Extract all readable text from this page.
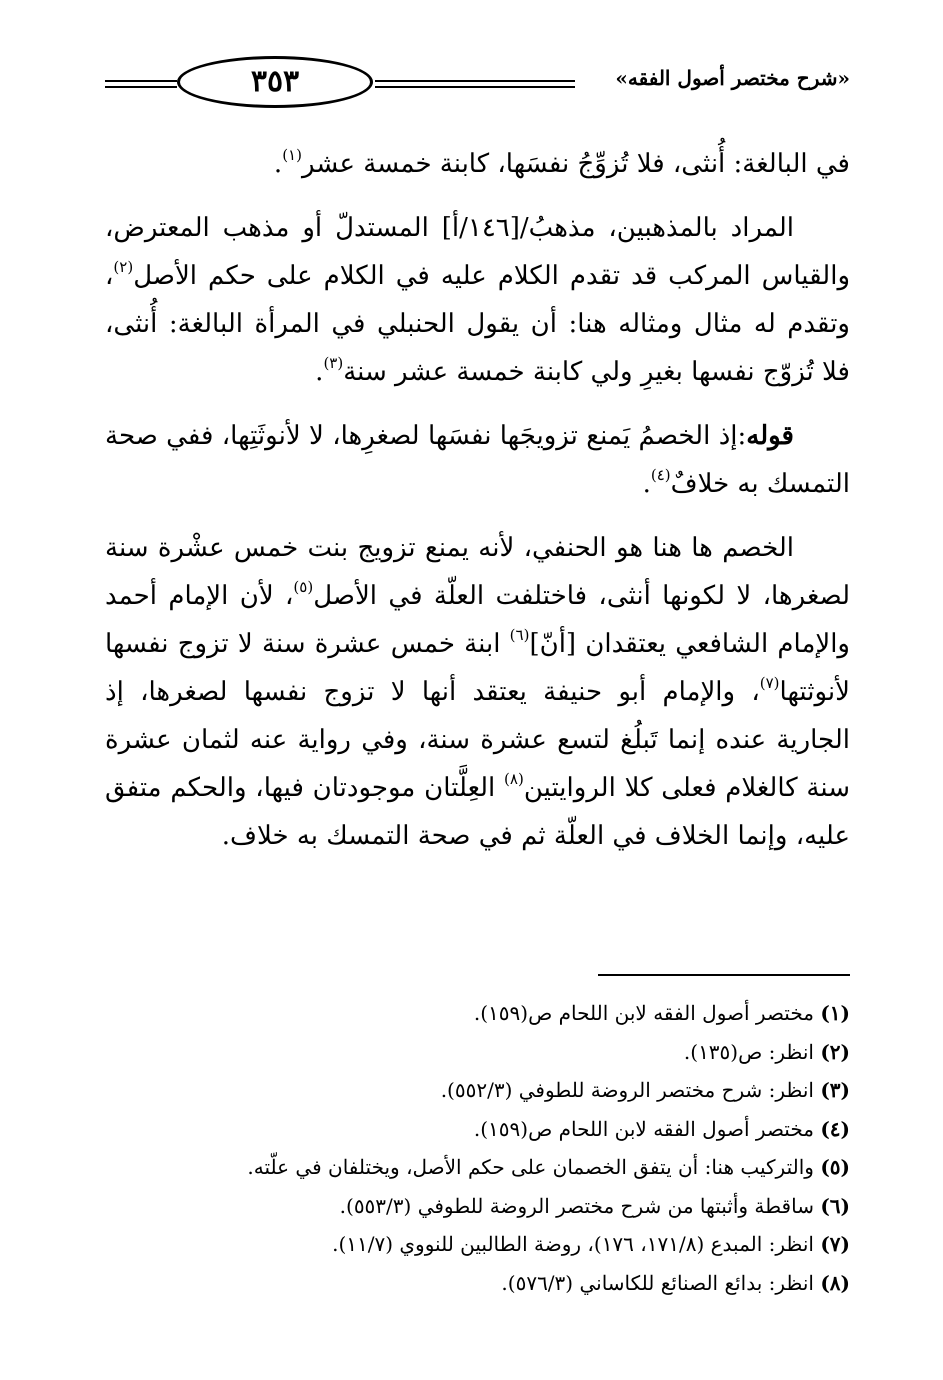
٣٥٣	«شرح مختصر أصول الفقه»

في البالغة: أُنثى، فلا تُزوِّجُ نفسَها، كابنة خمسة عشر$^{(١)}$.

المراد بالمذهبين، مذهبُ/[١٤٦/أ] المستدلّ أو مذهب المعترض، والقياس المركب قد تقدم الكلام عليه في الكلام على حكم الأصل$^{(٢)}$، وتقدم له مثال ومثاله هنا: أن يقول الحنبلي في المرأة البالغة: أُنثى، فلا تُزوّج نفسها بغيرِ ولي كابنة خمسة عشر سنة$^{(٣)}$.

قوله:إذ الخصمُ يَمنع تزويجَها نفسَها لصغرِها، لا لأنوثَتِها، ففي صحة التمسك به خلافٌ$^{(٤)}$.

الخصم ها هنا هو الحنفي، لأنه يمنع تزويج بنت خمس عشْرة سنة لصغرها، لا لكونها أنثى، فاختلفت العلّة في الأصل$^{(٥)}$، لأن الإمام أحمد والإمام الشافعي يعتقدان [أنّ]$^{(٦)}$ ابنة خمس عشرة سنة لا تزوج نفسها لأنوثتها$^{(٧)}$، والإمام أبو حنيفة يعتقد أنها لا تزوج نفسها لصغرها، إذ الجارية عنده إنما تَبلُغ لتسع عشرة سنة، وفي رواية عنه لثمان عشرة سنة كالغلام فعلى كلا الروايتين$^{(٨)}$ العِلَّتان موجودتان فيها، والحكم متفق عليه، وإنما الخلاف في العلّة ثم في صحة التمسك به خلاف.

(١) مختصر أصول الفقه لابن اللحام ص(١٥٩).
(٢) انظر: ص(١٣٥).
(٣) انظر: شرح مختصر الروضة للطوفي (٥٥٢/٣).
(٤) مختصر أصول الفقه لابن اللحام ص(١٥٩).
(٥) والتركيب هنا: أن يتفق الخصمان على حكم الأصل، ويختلفان في علّته.
(٦) ساقطة وأثبتها من شرح مختصر الروضة للطوفي (٥٥٣/٣).
(٧) انظر: المبدع (١٧١/٨، ١٧٦)، روضة الطالبين للنووي (١١/٧).
(٨) انظر: بدائع الصنائع للكاساني (٥٧٦/٣).
